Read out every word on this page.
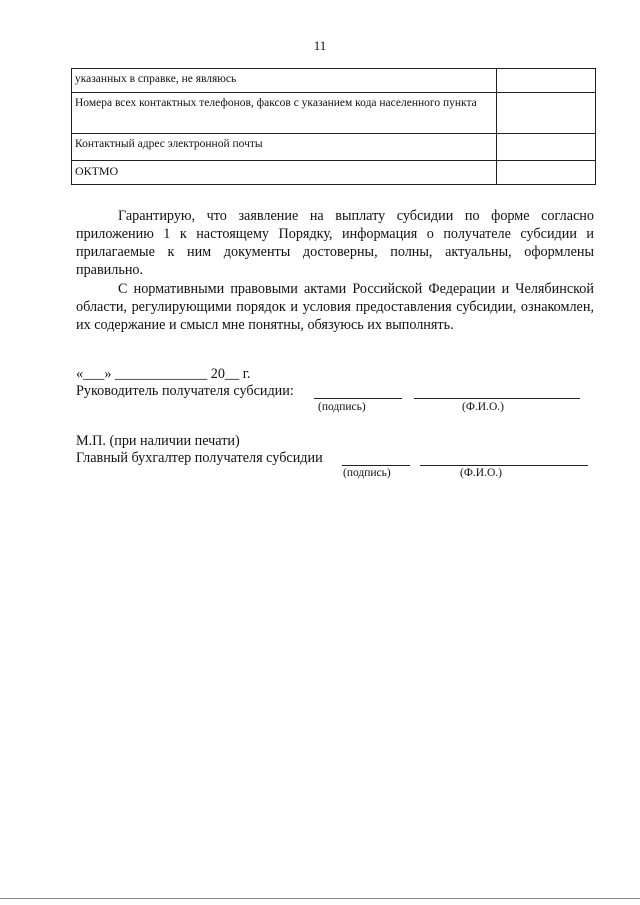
11
указанных в справке, не являюсь	
Номера всех контактных телефонов, факсов с указанием кода населенного пункта	
Контактный адрес электронной почты	
ОКТМО	
Гарантирую, что заявление на выплату субсидии по форме согласно приложению 1 к настоящему Порядку, информация о получателе субсидии и прилагаемые к ним документы достоверны, полны, актуальны, оформлены правильно.
С нормативными правовыми актами Российской Федерации и Челябинской области, регулирующими порядок и условия предоставления субсидии, ознакомлен, их содержание и смысл мне понятны, обязуюсь их выполнять.
«___» _____________ 20__ г.
Руководитель получателя субсидии:
(подпись)	(Ф.И.О.)
М.П. (при наличии печати)
Главный бухгалтер получателя субсидии
(подпись)	(Ф.И.О.)
